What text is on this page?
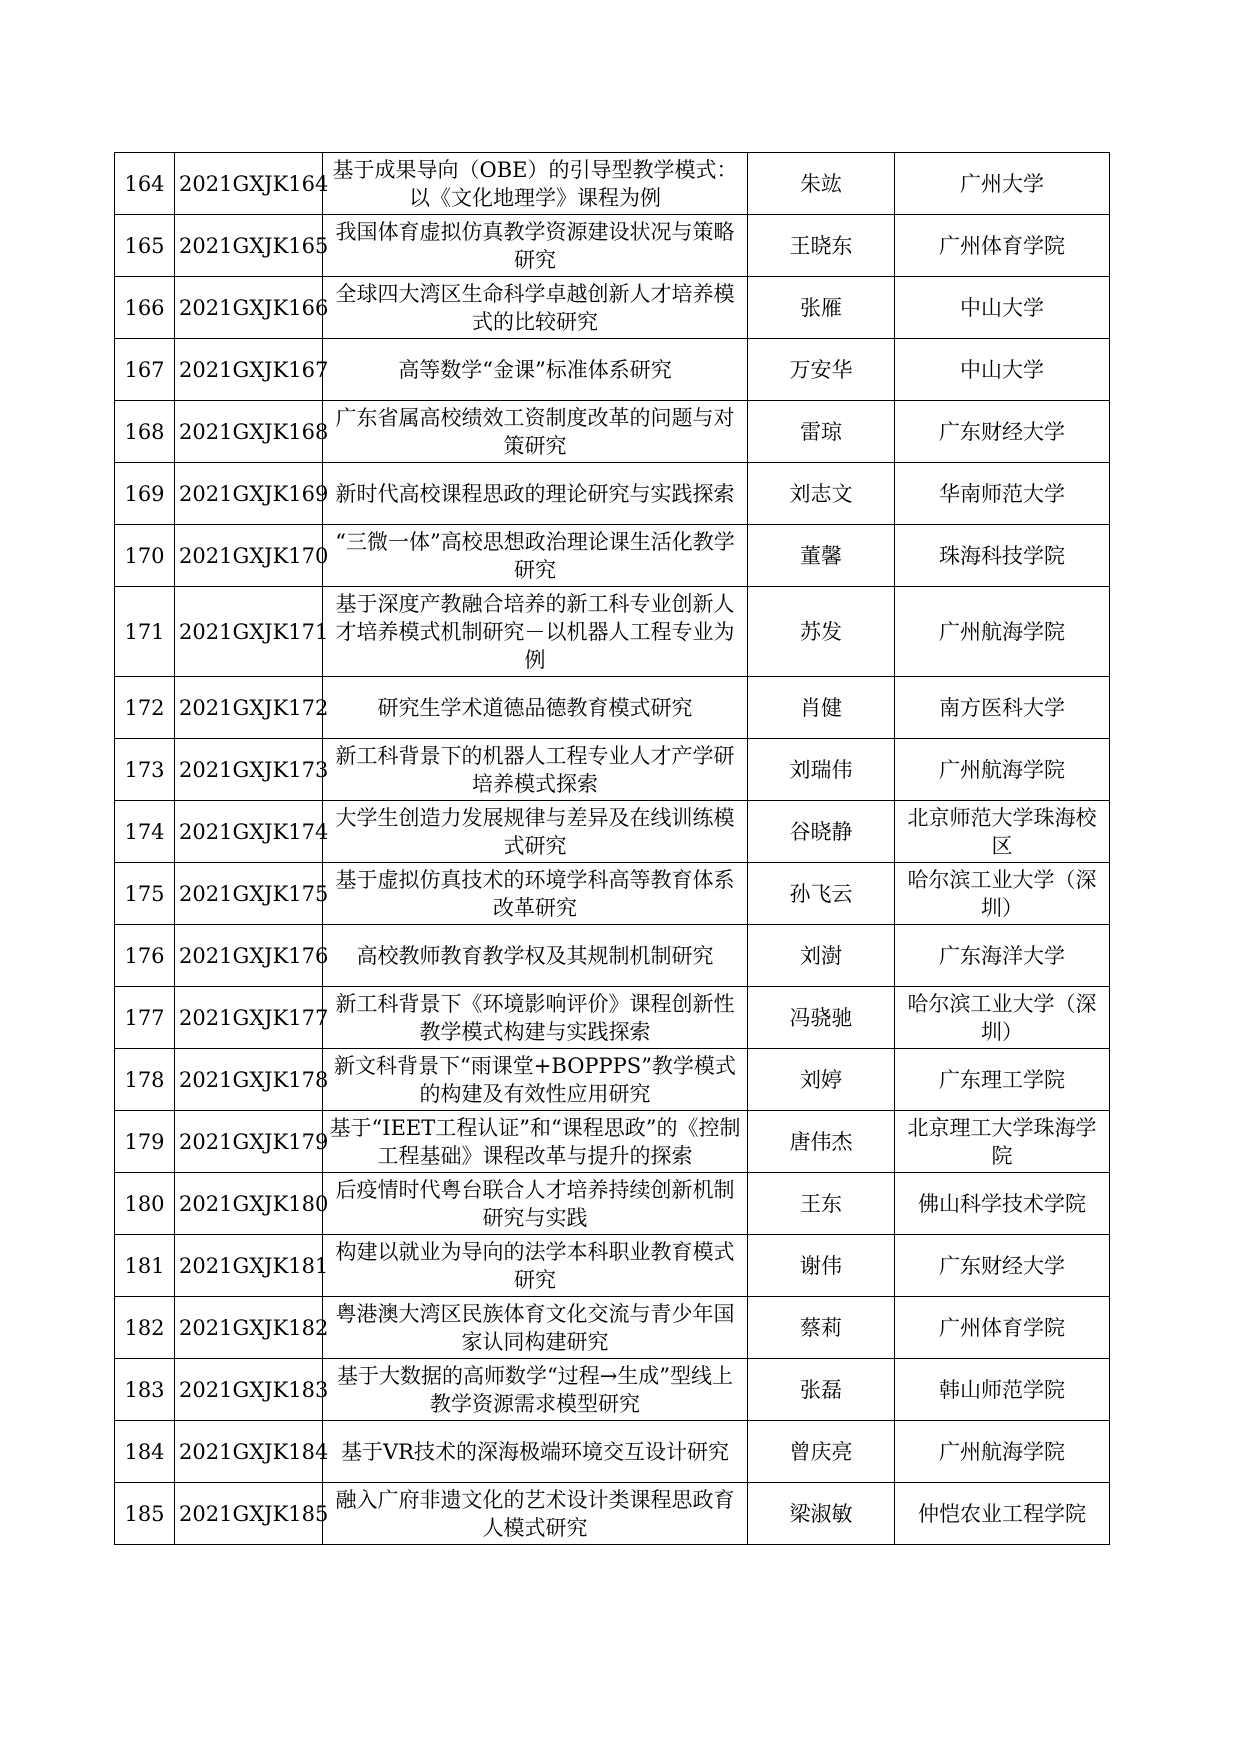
164	2021GXJK164	基于成果导向（OBE）的引导型教学模式：以《文化地理学》课程为例	朱竑	广州大学
165	2021GXJK165	我国体育虚拟仿真教学资源建设状况与策略研究	王晓东	广州体育学院
166	2021GXJK166	全球四大湾区生命科学卓越创新人才培养模式的比较研究	张雁	中山大学
167	2021GXJK167	高等数学“金课”标准体系研究	万安华	中山大学
168	2021GXJK168	广东省属高校绩效工资制度改革的问题与对策研究	雷琼	广东财经大学
169	2021GXJK169	新时代高校课程思政的理论研究与实践探索	刘志文	华南师范大学
170	2021GXJK170	“三微一体”高校思想政治理论课生活化教学研究	董馨	珠海科技学院
171	2021GXJK171	基于深度产教融合培养的新工科专业创新人才培养模式机制研究－以机器人工程专业为例	苏发	广州航海学院
172	2021GXJK172	研究生学术道德品德教育模式研究	肖健	南方医科大学
173	2021GXJK173	新工科背景下的机器人工程专业人才产学研培养模式探索	刘瑞伟	广州航海学院
174	2021GXJK174	大学生创造力发展规律与差异及在线训练模式研究	谷晓静	北京师范大学珠海校区
175	2021GXJK175	基于虚拟仿真技术的环境学科高等教育体系改革研究	孙飞云	哈尔滨工业大学（深圳）
176	2021GXJK176	高校教师教育教学权及其规制机制研究	刘澍	广东海洋大学
177	2021GXJK177	新工科背景下《环境影响评价》课程创新性教学模式构建与实践探索	冯骁驰	哈尔滨工业大学（深圳）
178	2021GXJK178	新文科背景下“雨课堂+BOPPPS”教学模式的构建及有效性应用研究	刘婷	广东理工学院
179	2021GXJK179	基于“IEET工程认证”和“课程思政”的《控制工程基础》课程改革与提升的探索	唐伟杰	北京理工大学珠海学院
180	2021GXJK180	后疫情时代粤台联合人才培养持续创新机制研究与实践	王东	佛山科学技术学院
181	2021GXJK181	构建以就业为导向的法学本科职业教育模式研究	谢伟	广东财经大学
182	2021GXJK182	粤港澳大湾区民族体育文化交流与青少年国家认同构建研究	蔡莉	广州体育学院
183	2021GXJK183	基于大数据的高师数学“过程→生成”型线上教学资源需求模型研究	张磊	韩山师范学院
184	2021GXJK184	基于VR技术的深海极端环境交互设计研究	曾庆亮	广州航海学院
185	2021GXJK185	融入广府非遗文化的艺术设计类课程思政育人模式研究	梁淑敏	仲恺农业工程学院
